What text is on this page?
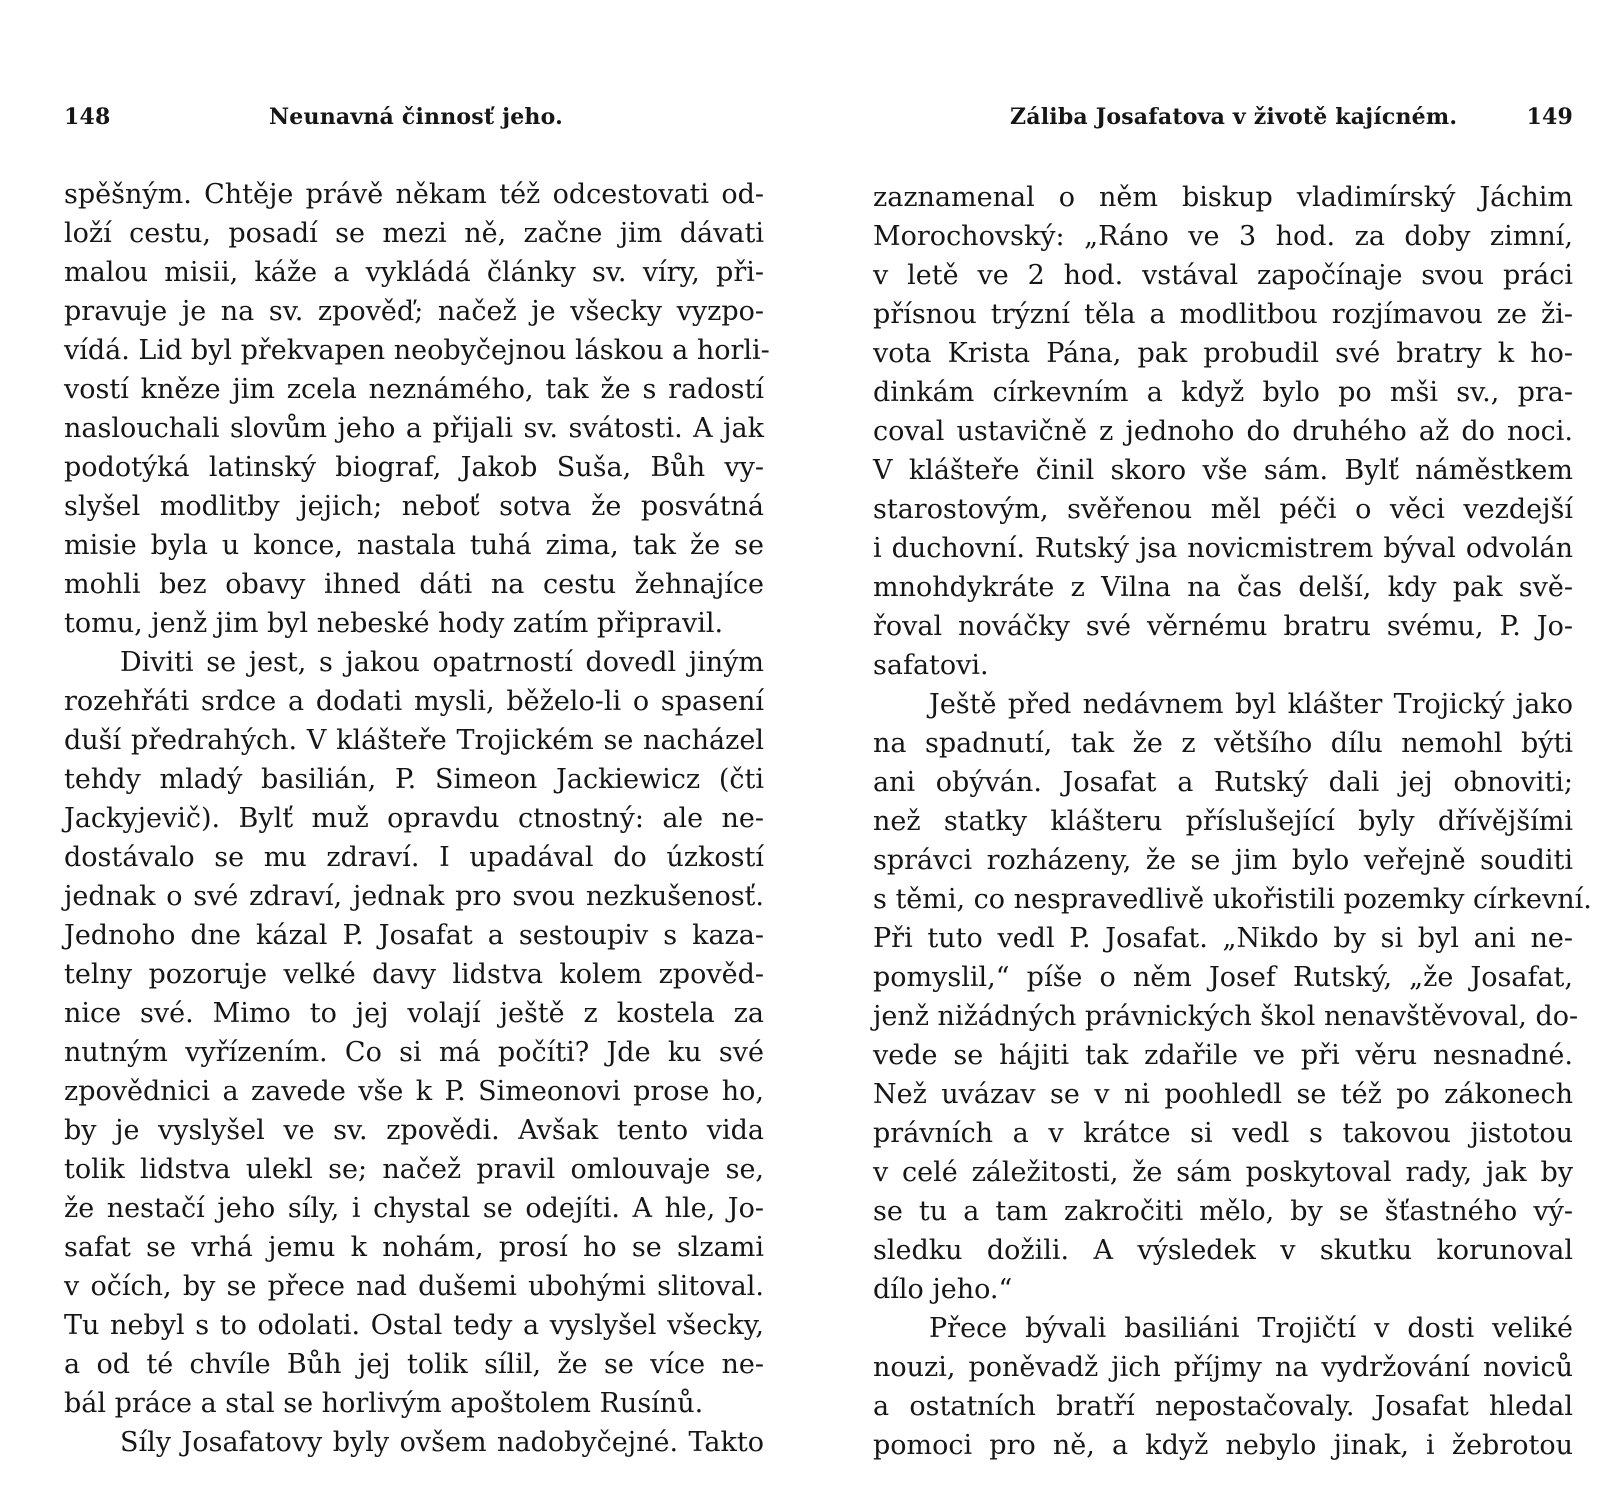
148	Neunavná činnosť jeho.
spěšným. Chtěje právě někam též odcestovati od-
loží cestu, posadí se mezi ně, začne jim dávati
malou misii, káže a vykládá články sv. víry, při-
pravuje je na sv. zpověď; načež je všecky vyzpo-
vídá. Lid byl překvapen neobyčejnou láskou a horli-
vostí kněze jim zcela neznámého, tak že s radostí
naslouchali slovům jeho a přijali sv. svátosti. A jak
podotýká latinský biograf, Jakob Suša, Bůh vy-
slyšel modlitby jejich; neboť sotva že posvátná
misie byla u konce, nastala tuhá zima, tak že se
mohli bez obavy ihned dáti na cestu žehnajíce
tomu, jenž jim byl nebeské hody zatím připravil.
Diviti se jest, s jakou opatrností dovedl jiným
rozehřáti srdce a dodati mysli, běželo-li o spasení
duší předrahých. V klášteře Trojickém se nacházel
tehdy mladý basilián, P. Simeon Jackiewicz (čti
Jackyjevič). Bylť muž opravdu ctnostný: ale ne-
dostávalo se mu zdraví. I upadával do úzkostí
jednak o své zdraví, jednak pro svou nezkušenosť.
Jednoho dne kázal P. Josafat a sestoupiv s kaza-
telny pozoruje velké davy lidstva kolem zpověd-
nice své. Mimo to jej volají ještě z kostela za
nutným vyřízením. Co si má počíti? Jde ku své
zpovědnici a zavede vše k P. Simeonovi prose ho,
by je vyslyšel ve sv. zpovědi. Avšak tento vida
tolik lidstva ulekl se; načež pravil omlouvaje se,
že nestačí jeho síly, i chystal se odejíti. A hle, Jo-
safat se vrhá jemu k nohám, prosí ho se slzami
v očích, by se přece nad dušemi ubohými slitoval.
Tu nebyl s to odolati. Ostal tedy a vyslyšel všecky,
a od té chvíle Bůh jej tolik sílil, že se více ne-
bál práce a stal se horlivým apoštolem Rusínů.
Síly Josafatovy byly ovšem nadobyčejné. Takto
Záliba Josafatova v životě kajícném.	149
zaznamenal o něm biskup vladimírský Jáchim
Morochovský: „Ráno ve 3 hod. za doby zimní,
v letě ve 2 hod. vstával započínaje svou práci
přísnou trýzní těla a modlitbou rozjímavou ze ži-
vota Krista Pána, pak probudil své bratry k ho-
dinkám církevním a když bylo po mši sv., pra-
coval ustavičně z jednoho do druhého až do noci.
V klášteře činil skoro vše sám. Bylť náměstkem
starostovým, svěřenou měl péči o věci vezdejší
i duchovní. Rutský jsa novicmistrem býval odvolán
mnohdykráte z Vilna na čas delší, kdy pak svě-
řoval nováčky své věrnému bratru svému, P. Jo-
safatovi.
Ještě před nedávnem byl klášter Trojický jako
na spadnutí, tak že z většího dílu nemohl býti
ani obýván. Josafat a Rutský dali jej obnoviti;
než statky klášteru příslušející byly dřívějšími
správci rozházeny, že se jim bylo veřejně souditi
s těmi, co nespravedlivě ukořistili pozemky církevní.
Při tuto vedl P. Josafat. „Nikdo by si byl ani ne-
pomyslil,“ píše o něm Josef Rutský, „že Josafat,
jenž nižádných právnických škol nenavštěvoval, do-
vede se hájiti tak zdařile ve při věru nesnadné.
Než uvázav se v ni poohledl se též po zákonech
právních a v krátce si vedl s takovou jistotou
v celé záležitosti, že sám poskytoval rady, jak by
se tu a tam zakročiti mělo, by se šťastného vý-
sledku dožili. A výsledek v skutku korunoval
dílo jeho.“
Přece bývali basiliáni Trojičtí v dosti veliké
nouzi, poněvadž jich příjmy na vydržování noviců
a ostatních bratří nepostačovaly. Josafat hledal
pomoci pro ně, a když nebylo jinak, i žebrotou
